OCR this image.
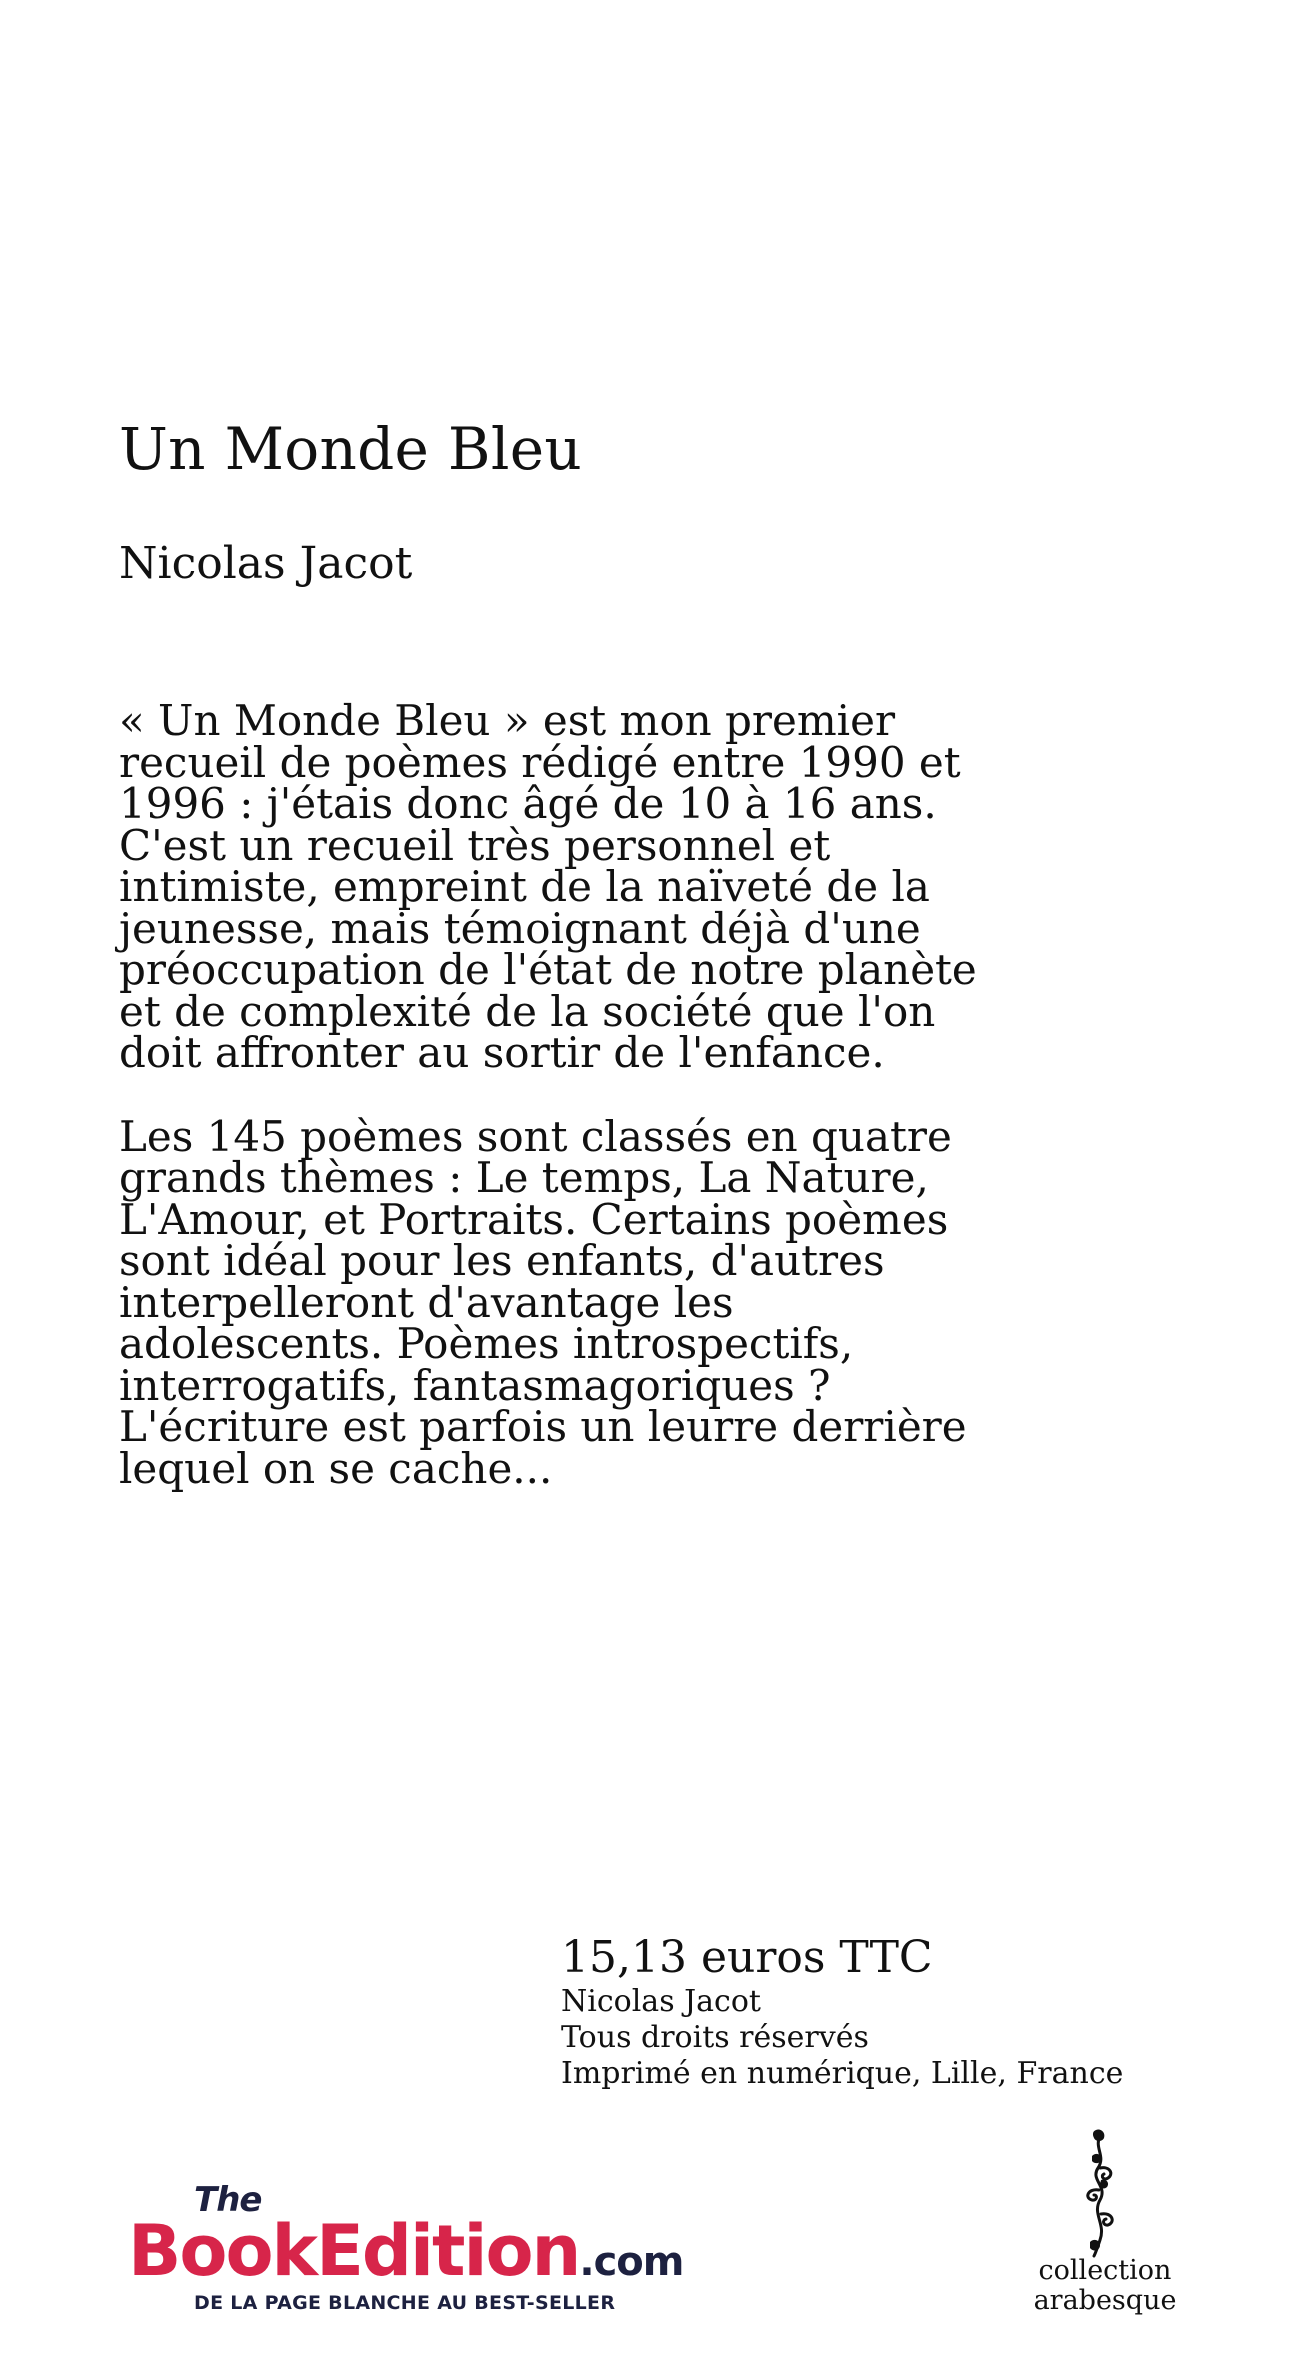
Un Monde Bleu

Nicolas Jacot

« Un Monde Bleu » est mon premier recueil de poèmes rédigé entre 1990 et 1996 : j'étais donc âgé de 10 à 16 ans. C'est un recueil très personnel et intimiste, empreint de la naïveté de la jeunesse, mais témoignant déjà d'une préoccupation de l'état de notre planète et de complexité de la société que l'on doit affronter au sortir de l'enfance.

Les 145 poèmes sont classés en quatre grands thèmes : Le temps, La Nature, L'Amour, et Portraits. Certains poèmes sont idéal pour les enfants, d'autres interpelleront d'avantage les adolescents. Poèmes introspectifs, interrogatifs, fantasmagoriques ? L'écriture est parfois un leurre derrière lequel on se cache...

15,13 euros TTC

Nicolas Jacot

Tous droits réservés

Imprimé en numérique, Lille, France

The
BookEdition.com
DE LA PAGE BLANCHE AU BEST-SELLER
collection
arabesque
